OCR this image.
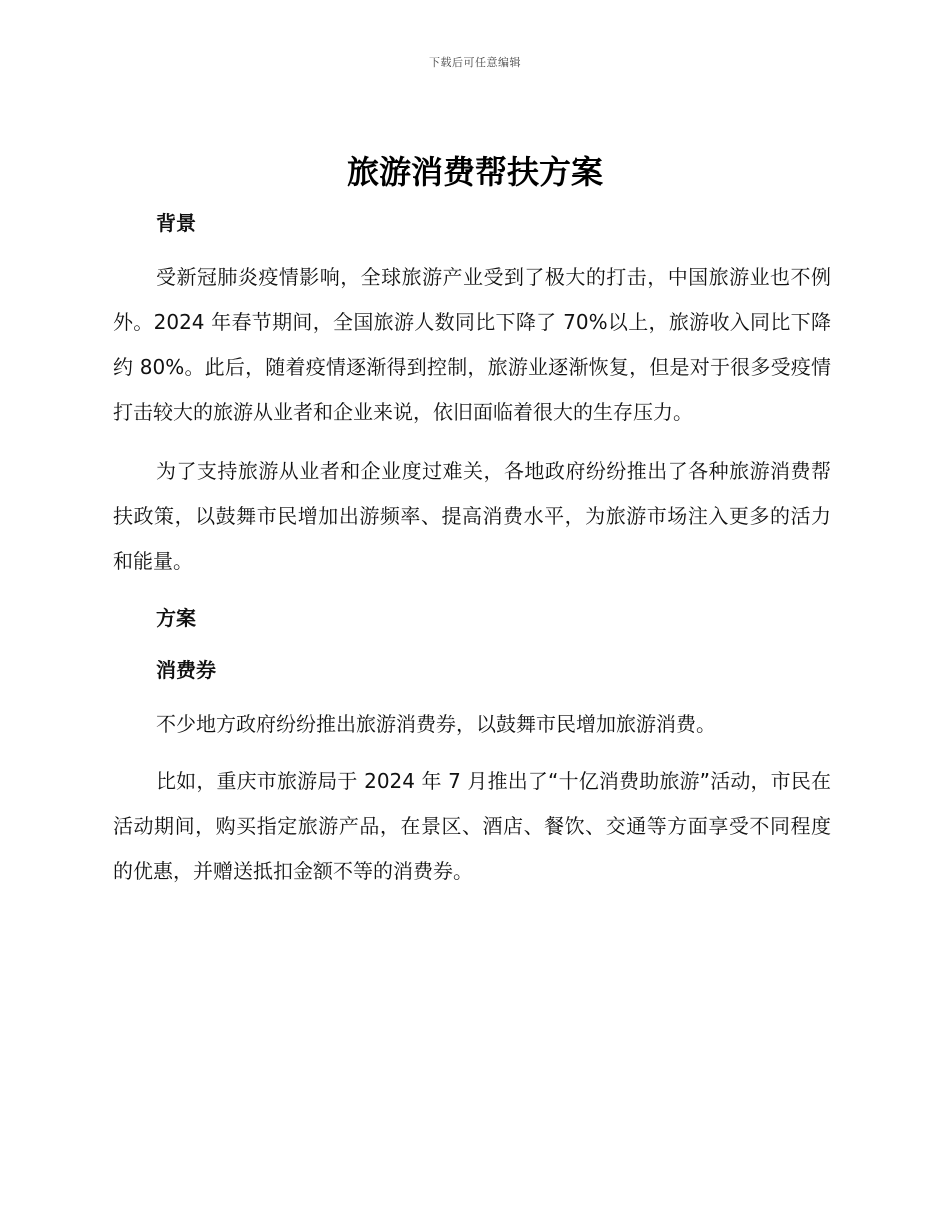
下载后可任意编辑
旅游消费帮扶方案
背景

受新冠肺炎疫情影响，全球旅游产业受到了极大的打击，中国旅游业也不例外。2024 年春节期间，全国旅游人数同比下降了 70%以上，旅游收入同比下降约 80%。此后，随着疫情逐渐得到控制，旅游业逐渐恢复，但是对于很多受疫情打击较大的旅游从业者和企业来说，依旧面临着很大的生存压力。

为了支持旅游从业者和企业度过难关，各地政府纷纷推出了各种旅游消费帮扶政策，以鼓舞市民增加出游频率、提高消费水平，为旅游市场注入更多的活力和能量。

方案
消费券

不少地方政府纷纷推出旅游消费券，以鼓舞市民增加旅游消费。

比如，重庆市旅游局于 2024 年 7 月推出了“十亿消费助旅游”活动，市民在活动期间，购买指定旅游产品，在景区、酒店、餐饮、交通等方面享受不同程度的优惠，并赠送抵扣金额不等的消费券。
